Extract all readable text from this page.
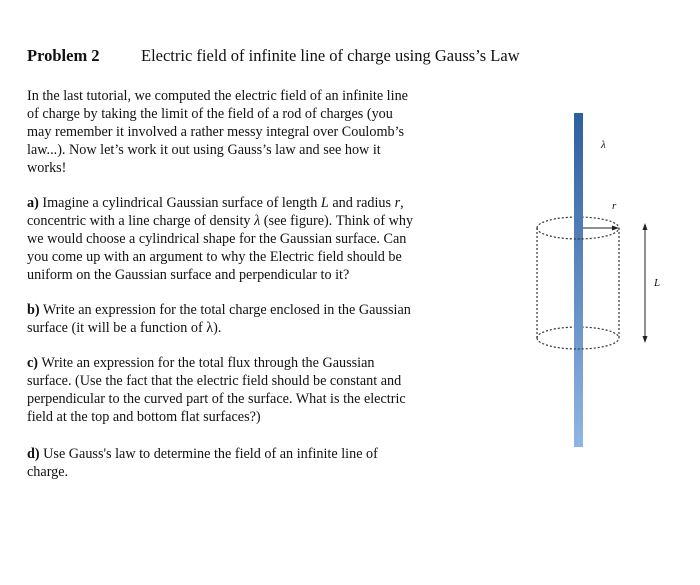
Problem 2	Electric field of infinite line of charge using Gauss’s Law

In the last tutorial, we computed the electric field of an infinite line
of charge by taking the limit of the field of a rod of charges (you
may remember it involved a rather messy integral over Coulomb’s
law...). Now let’s work it out using Gauss’s law and see how it
works!

a) Imagine a cylindrical Gaussian surface of length L and radius r,
concentric with a line charge of density λ (see figure). Think of why
we would choose a cylindrical shape for the Gaussian surface. Can
you come up with an argument to why the Electric field should be
uniform on the Gaussian surface and perpendicular to it?

b) Write an expression for the total charge enclosed in the Gaussian
surface (it will be a function of λ).

c) Write an expression for the total flux through the Gaussian
surface. (Use the fact that the electric field should be constant and
perpendicular to the curved part of the surface. What is the electric
field at the top and bottom flat surfaces?)

d) Use Gauss's law to determine the field of an infinite line of
charge.

λ
r
L
